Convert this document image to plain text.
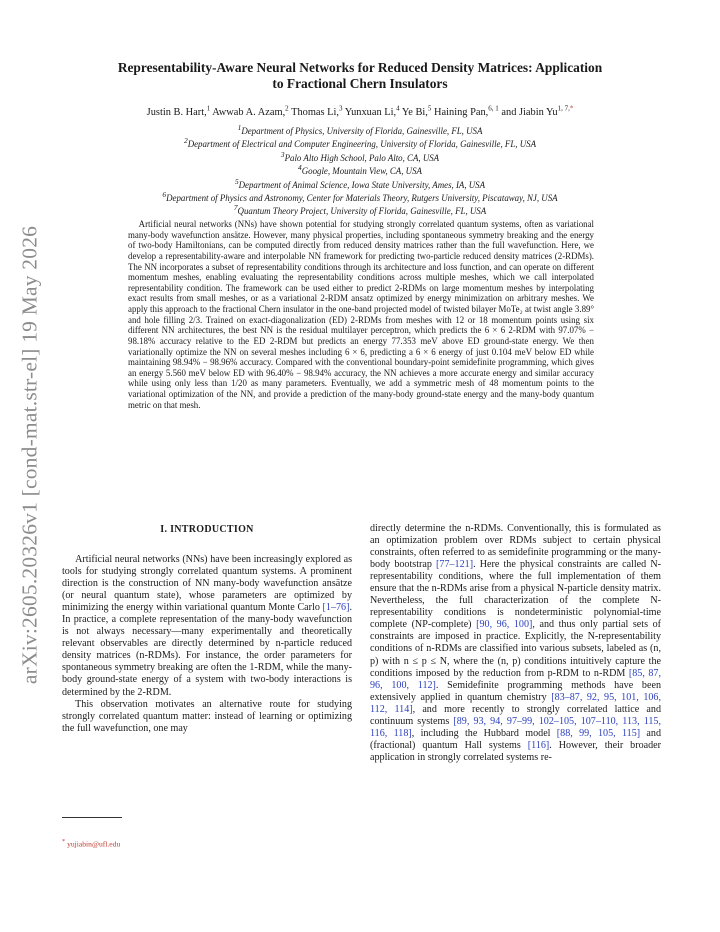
arXiv:2605.20326v1 [cond-mat.str-el] 19 May 2026
Representability-Aware Neural Networks for Reduced Density Matrices: Application
to Fractional Chern Insulators
Justin B. Hart,$^1$ Awwab A. Azam,$^2$ Thomas Li,$^3$ Yunxuan Li,$^4$ Ye Bi,$^5$ Haining Pan,$^{6, 1}$ and Jiabin $Yu^{1, 7,*}$
$^1$Department of Physics, University of Florida, Gainesville, FL, USA
$^2$Department of Electrical and Computer Engineering, University of Florida, Gainesville, FL, USA
$^3$Palo Alto High School, Palo Alto, CA, USA
$^4$Google, Mountain View, CA, USA
$^5$Department of Animal Science, Iowa State University, Ames, IA, USA
$^6$Department of Physics and Astronomy, Center for Materials Theory, Rutgers University, Piscataway, NJ, USA
$^7$Quantum Theory Project, University of Florida, Gainesville, FL, USA
Artificial neural networks (NNs) have shown potential for studying strongly correlated quantum systems, often as variational many-body wavefunction ansätze. However, many physical properties, including spontaneous symmetry breaking and the energy of two-body Hamiltonians, can be computed directly from reduced density matrices rather than the full wavefunction. Here, we develop a representability-aware and interpolable NN framework for predicting two-particle reduced density matrices (2-RDMs). The NN incorporates a subset of representability conditions through its architecture and loss function, and can operate on different momentum meshes, enabling evaluating the representability conditions across multiple meshes, which we call interpolated representability condition. The framework can be used either to predict 2-RDMs on large momentum meshes by interpolating exact results from small meshes, or as a variational 2-RDM ansatz optimized by energy minimization on arbitrary meshes. We apply this approach to the fractional Chern insulator in the one-band projected model of twisted bilayer MoTe₂ at twist angle 3.89° and hole filling 2/3. Trained on exact-diagonalization (ED) 2-RDMs from meshes with 12 or 18 momentum points using six different NN architectures, the best NN is the residual multilayer perceptron, which predicts the 6 × 6 2-RDM with 97.07% − 98.18% accuracy relative to the ED 2-RDM but predicts an energy 77.353 meV above ED ground-state energy. We then variationally optimize the NN on several meshes including 6 × 6, predicting a 6 × 6 energy of just 0.104 meV below ED while maintaining 98.94% − 98.96% accuracy. Compared with the conventional boundary-point semidefinite programming, which gives an energy 5.560 meV below ED with 96.40% − 98.94% accuracy, the NN achieves a more accurate energy and similar accuracy while using only less than 1/20 as many parameters. Eventually, we add a symmetric mesh of 48 momentum points to the variational optimization of the NN, and provide a prediction of the many-body ground-state energy and the many-body quantum metric on that mesh.
I. INTRODUCTION

Artificial neural networks (NNs) have been increasingly explored as tools for studying strongly correlated quantum systems. A prominent direction is the construction of NN many-body wavefunction ansätze (or neural quantum state), whose parameters are optimized by minimizing the energy within variational quantum Monte Carlo [1–76]. In practice, a complete representation of the many-body wavefunction is not always necessary—many experimentally and theoretically relevant observables are directly determined by n-particle reduced density matrices (n-RDMs). For instance, the order parameters for spontaneous symmetry breaking are often the 1-RDM, while the many-body ground-state energy of a system with two-body interactions is determined by the 2-RDM.

This observation motivates an alternative route for studying strongly correlated quantum matter: instead of learning or optimizing the full wavefunction, one may

directly determine the n-RDMs. Conventionally, this is formulated as an optimization problem over RDMs subject to certain physical constraints, often referred to as semidefinite programming or the many-body bootstrap [77–121]. Here the physical constraints are called N-representability conditions, where the full implementation of them ensure that the n-RDMs arise from a physical N-particle density matrix. Nevertheless, the full characterization of the complete N-representability conditions is nondeterministic polynomial-time complete (NP-complete) [90, 96, 100], and thus only partial sets of constraints are imposed in practice. Explicitly, the N-representability conditions of n-RDMs are classified into various subsets, labeled as (n, p) with n ≤ p ≤ N, where the (n, p) conditions intuitively capture the conditions imposed by the reduction from p-RDM to n-RDM [85, 87, 96, 100, 112]. Semidefinite programming methods have been extensively applied in quantum chemistry [83–87, 92, 95, 101, 106, 112, 114], and more recently to strongly correlated lattice and continuum systems [89, 93, 94, 97–99, 102–105, 107–110, 113, 115, 116, 118], including the Hubbard model [88, 99, 105, 115] and (fractional) quantum Hall systems [116]. However, their broader application in strongly correlated systems re-

* yujiabin@ufl.edu
